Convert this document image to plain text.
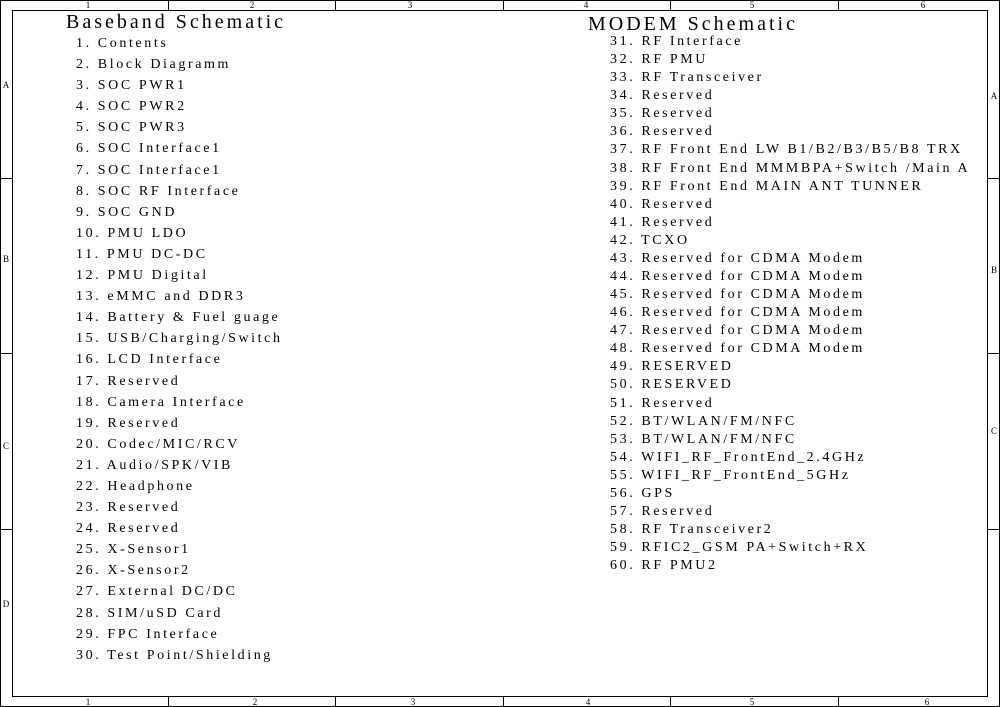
1	2	3	4	5	6
1	2	3	4	5	6
A
B
C
D
A
B
C
Baseband Schematic
1. Contents
2. Block Diagramm
3. SOC PWR1
4. SOC PWR2
5. SOC PWR3
6. SOC Interface1
7. SOC Interface1
8. SOC RF Interface
9. SOC GND
10. PMU LDO
11. PMU DC-DC
12. PMU Digital
13. eMMC and DDR3
14. Battery & Fuel guage
15. USB/Charging/Switch
16. LCD Interface
17. Reserved
18. Camera Interface
19. Reserved
20. Codec/MIC/RCV
21. Audio/SPK/VIB
22. Headphone
23. Reserved
24. Reserved
25. X-Sensor1
26. X-Sensor2
27. External DC/DC
28. SIM/uSD Card
29. FPC Interface
30. Test Point/Shielding
MODEM Schematic
31. RF Interface
32. RF PMU
33. RF Transceiver
34. Reserved
35. Reserved
36. Reserved
37. RF Front End LW B1/B2/B3/B5/B8 TRX
38. RF Front End MMMBPA+Switch /Main A
39. RF Front End MAIN ANT TUNNER
40. Reserved
41. Reserved
42. TCXO
43. Reserved for CDMA Modem
44. Reserved for CDMA Modem
45. Reserved for CDMA Modem
46. Reserved for CDMA Modem
47. Reserved for CDMA Modem
48. Reserved for CDMA Modem
49. RESERVED
50. RESERVED
51. Reserved
52. BT/WLAN/FM/NFC
53. BT/WLAN/FM/NFC
54. WIFI_RF_FrontEnd_2.4GHz
55. WIFI_RF_FrontEnd_5GHz
56. GPS
57. Reserved
58. RF Transceiver2
59. RFIC2_GSM PA+Switch+RX
60. RF PMU2
